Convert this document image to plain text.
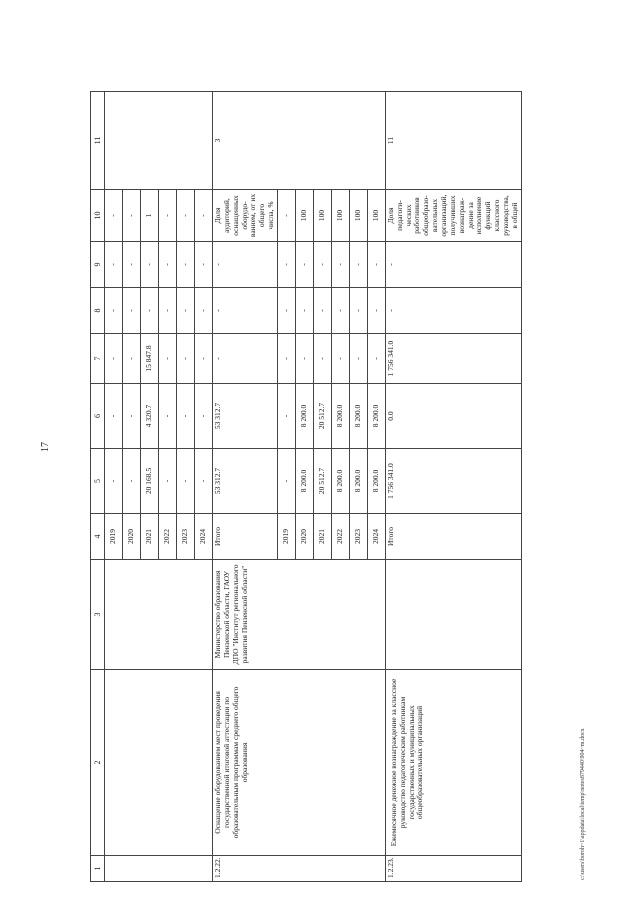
17
1	2	3	4	5	6	7	8	9	10	11
			2019	-	-	-	-	-	-	
			2020	-	-	-	-	-	-	
			2021	20 168.5	4 320.7	15 847.8	-	-	1	
			2022	-	-	-	-	-	-	
			2023	-	-	-	-	-	-	
			2024	-	-	-	-	-	-	
1.2.22.	Оснащение оборудованием мест проведения государственной итоговой аттестации по образовательным программам среднего общего образования	Министерство образования Пензенской области, ГАОУ ДПО "Институт регионального развития Пензенской области"	Итого	53 312.7	53 312.7	-	-	-	Доля аудиторий, оснащенных оборудо-ванием, от их общего числа, %	3
			2019	-	-	-	-	-	-	
			2020	8 200.0	8 200.0	-	-	-	100	
			2021	20 512.7	20 512.7	-	-	-	100	
			2022	8 200.0	8 200.0	-	-	-	100	
			2023	8 200.0	8 200.0	-	-	-	100	
			2024	8 200.0	8 200.0	-	-	-	100	
1.2.23.	Ежемесячное денежное вознаграждение за классное руководство педагогическим работникам государственных и муниципальных общеобразовательных организаций		Итого	1 756 341.0	0.0	1 756 341.0	-	-	Доля педагоги-ческих работников общеобразо-вательных организаций, получивших вознаграж-дение за исполнение функций классного руководства, в общей	11
c:\users\boroh~1\appdata\local\temp\notes879440\904~m.docx
